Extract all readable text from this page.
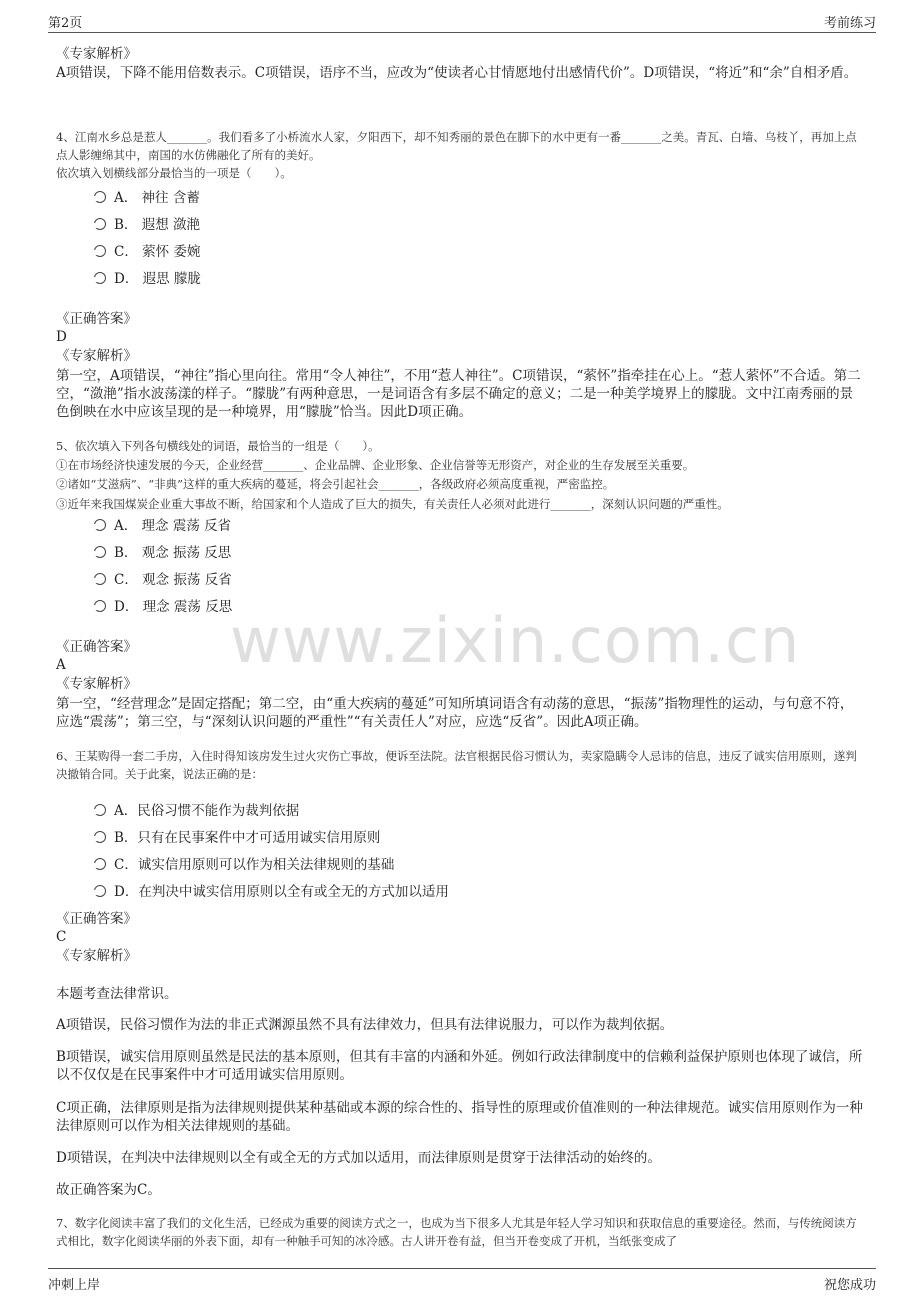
第2页	考前练习
www.zixin.com.cn
《专家解析》
A项错误，下降不能用倍数表示。C项错误，语序不当，应改为“使读者心甘情愿地付出感情代价”。D项错误，“将近”和“余”自相矛盾。
4、江南水乡总是惹人_______。我们看多了小桥流水人家，夕阳西下，却不知秀丽的景色在脚下的水中更有一番_______之美。青瓦、白墙、乌枝丫，再加上点点人影缠绵其中，南国的水仿佛融化了所有的美好。
依次填入划横线部分最恰当的一项是（　　）。
A． 神往 含蓄
B． 遐想 潋滟
C． 萦怀 委婉
D． 遐思 朦胧
《正确答案》
D
《专家解析》
第一空，A项错误，“神往”指心里向往。常用“令人神往”，不用“惹人神往”。C项错误，“萦怀”指牵挂在心上。“惹人萦怀”不合适。第二空，“潋滟”指水波荡漾的样子。“朦胧”有两种意思，一是词语含有多层不确定的意义；二是一种美学境界上的朦胧。文中江南秀丽的景色倒映在水中应该呈现的是一种境界，用“朦胧”恰当。因此D项正确。
5、依次填入下列各句横线处的词语，最恰当的一组是（　　）。
①在市场经济快速发展的今天，企业经营_______、企业品牌、企业形象、企业信誉等无形资产，对企业的生存发展至关重要。
②诸如“艾滋病”、“非典”这样的重大疾病的蔓延，将会引起社会_______，各级政府必须高度重视，严密监控。
③近年来我国煤炭企业重大事故不断，给国家和个人造成了巨大的损失，有关责任人必须对此进行_______，深刻认识问题的严重性。
A． 理念 震荡 反省
B． 观念 振荡 反思
C． 观念 振荡 反省
D． 理念 震荡 反思
《正确答案》
A
《专家解析》
第一空，“经营理念”是固定搭配；第二空，由“重大疾病的蔓延”可知所填词语含有动荡的意思，“振荡”指物理性的运动，与句意不符，应选“震荡”；第三空，与“深刻认识问题的严重性”“有关责任人”对应，应选“反省”。因此A项正确。
6、王某购得一套二手房，入住时得知该房发生过火灾伤亡事故，便诉至法院。法官根据民俗习惯认为，卖家隐瞒令人忌讳的信息，违反了诚实信用原则，遂判决撤销合同。关于此案，说法正确的是：
A．民俗习惯不能作为裁判依据
B．只有在民事案件中才可适用诚实信用原则
C．诚实信用原则可以作为相关法律规则的基础
D．在判决中诚实信用原则以全有或全无的方式加以适用
《正确答案》
C
《专家解析》
本题考查法律常识。
A项错误，民俗习惯作为法的非正式渊源虽然不具有法律效力，但具有法律说服力，可以作为裁判依据。
B项错误，诚实信用原则虽然是民法的基本原则，但其有丰富的内涵和外延。例如行政法律制度中的信赖利益保护原则也体现了诚信，所以不仅仅是在民事案件中才可适用诚实信用原则。
C项正确，法律原则是指为法律规则提供某种基础或本源的综合性的、指导性的原理或价值准则的一种法律规范。诚实信用原则作为一种法律原则可以作为相关法律规则的基础。
D项错误，在判决中法律规则以全有或全无的方式加以适用，而法律原则是贯穿于法律活动的始终的。
故正确答案为C。
7、数字化阅读丰富了我们的文化生活，已经成为重要的阅读方式之一，也成为当下很多人尤其是年轻人学习知识和获取信息的重要途径。然而，与传统阅读方式相比，数字化阅读华丽的外表下面，却有一种触手可知的冰冷感。古人讲开卷有益，但当开卷变成了开机，当纸张变成了
冲刺上岸	祝您成功
